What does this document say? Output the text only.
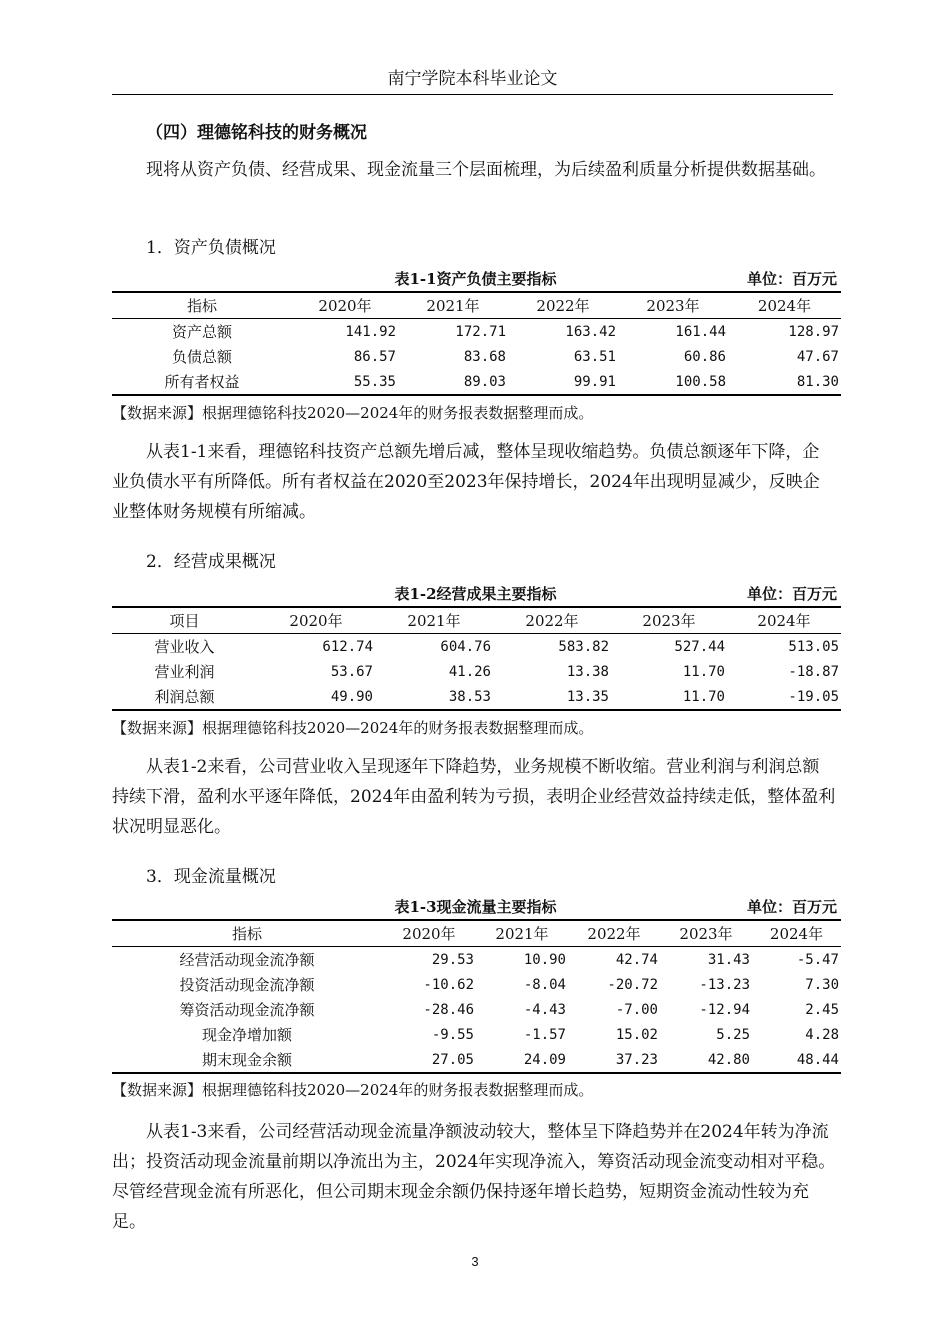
南宁学院本科毕业论文
（四）理德铭科技的财务概况

现将从资产负债、经营成果、现金流量三个层面梳理，为后续盈利质量分析提供数据基础。

1．资产负债概况
表1-1资产负债主要指标	单位：百万元
指标	2020年	2021年	2022年	2023年	2024年
资产总额	141.92	172.71	163.42	161.44	128.97
负债总额	86.57	83.68	63.51	60.86	47.67
所有者权益	55.35	89.03	99.91	100.58	81.30
【数据来源】根据理德铭科技2020—2024年的财务报表数据整理而成。

从表1-1来看，理德铭科技资产总额先增后减，整体呈现收缩趋势。负债总额逐年下降，企业负债水平有所降低。所有者权益在2020至2023年保持增长，2024年出现明显减少，反映企业整体财务规模有所缩减。

2．经营成果概况
表1-2经营成果主要指标	单位：百万元
项目	2020年	2021年	2022年	2023年	2024年
营业收入	612.74	604.76	583.82	527.44	513.05
营业利润	53.67	41.26	13.38	11.70	-18.87
利润总额	49.90	38.53	13.35	11.70	-19.05
【数据来源】根据理德铭科技2020—2024年的财务报表数据整理而成。

从表1-2来看，公司营业收入呈现逐年下降趋势，业务规模不断收缩。营业利润与利润总额持续下滑，盈利水平逐年降低，2024年由盈利转为亏损，表明企业经营效益持续走低，整体盈利状况明显恶化。

3．现金流量概况
表1-3现金流量主要指标	单位：百万元
指标	2020年	2021年	2022年	2023年	2024年
经营活动现金流净额	29.53	10.90	42.74	31.43	-5.47
投资活动现金流净额	-10.62	-8.04	-20.72	-13.23	7.30
筹资活动现金流净额	-28.46	-4.43	-7.00	-12.94	2.45
现金净增加额	-9.55	-1.57	15.02	5.25	4.28
期末现金余额	27.05	24.09	37.23	42.80	48.44
【数据来源】根据理德铭科技2020—2024年的财务报表数据整理而成。

从表1-3来看，公司经营活动现金流量净额波动较大，整体呈下降趋势并在2024年转为净流出；投资活动现金流量前期以净流出为主，2024年实现净流入，筹资活动现金流变动相对平稳。尽管经营现金流有所恶化，但公司期末现金余额仍保持逐年增长趋势，短期资金流动性较为充足。

3
